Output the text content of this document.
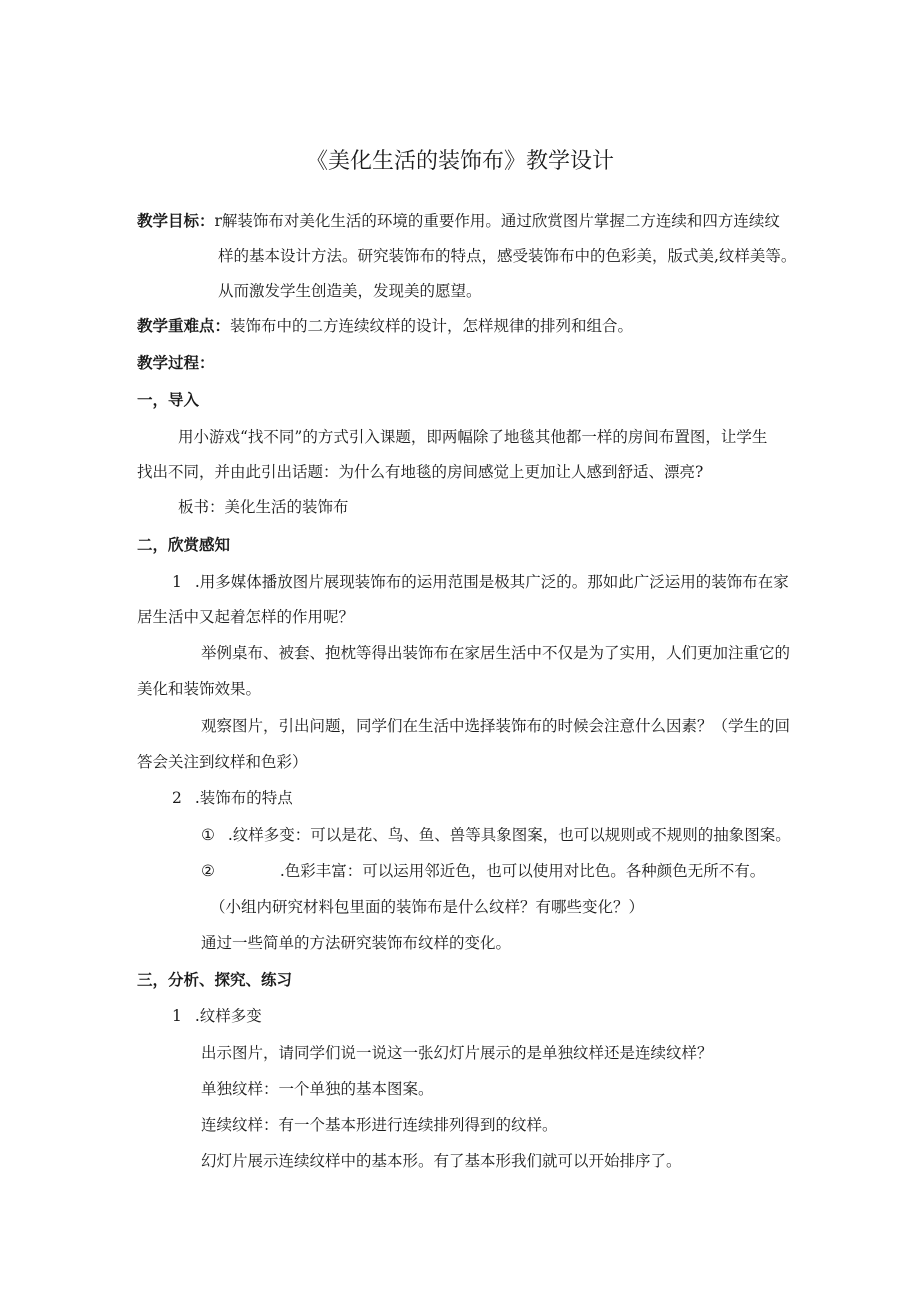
《美化生活的装饰布》教学设计
教学目标：r解装饰布对美化生活的环境的重要作用。通过欣赏图片掌握二方连续和四方连续纹
样的基本设计方法。研究装饰布的特点，感受装饰布中的色彩美，版式美,纹样美等。
从而激发学生创造美，发现美的愿望。
教学重难点：装饰布中的二方连续纹样的设计，怎样规律的排列和组合。
教学过程：
一，导入
用小游戏“找不同”的方式引入课题，即两幅除了地毯其他都一样的房间布置图，让学生
找出不同，并由此引出话题：为什么有地毯的房间感觉上更加让人感到舒适、漂亮?
板书：美化生活的装饰布
二，欣赏感知
1 .用多媒体播放图片展现装饰布的运用范围是极其广泛的。那如此广泛运用的装饰布在家
居生活中又起着怎样的作用呢？
举例桌布、被套、抱枕等得出装饰布在家居生活中不仅是为了实用，人们更加注重它的
美化和装饰效果。
观察图片，引出问题，同学们在生活中选择装饰布的时候会注意什么因素？（学生的回
答会关注到纹样和色彩）
2 .装饰布的特点
① .纹样多变：可以是花、鸟、鱼、兽等具象图案，也可以规则或不规则的抽象图案。
②	.色彩丰富：可以运用邻近色，也可以使用对比色。各种颜色无所不有。
（小组内研究材料包里面的装饰布是什么纹样？有哪些变化？）
通过一些简单的方法研究装饰布纹样的变化。
三，分析、探究、练习
1 .纹样多变
出示图片，请同学们说一说这一张幻灯片展示的是单独纹样还是连续纹样？
单独纹样：一个单独的基本图案。
连续纹样：有一个基本形进行连续排列得到的纹样。
幻灯片展示连续纹样中的基本形。有了基本形我们就可以开始排序了。
